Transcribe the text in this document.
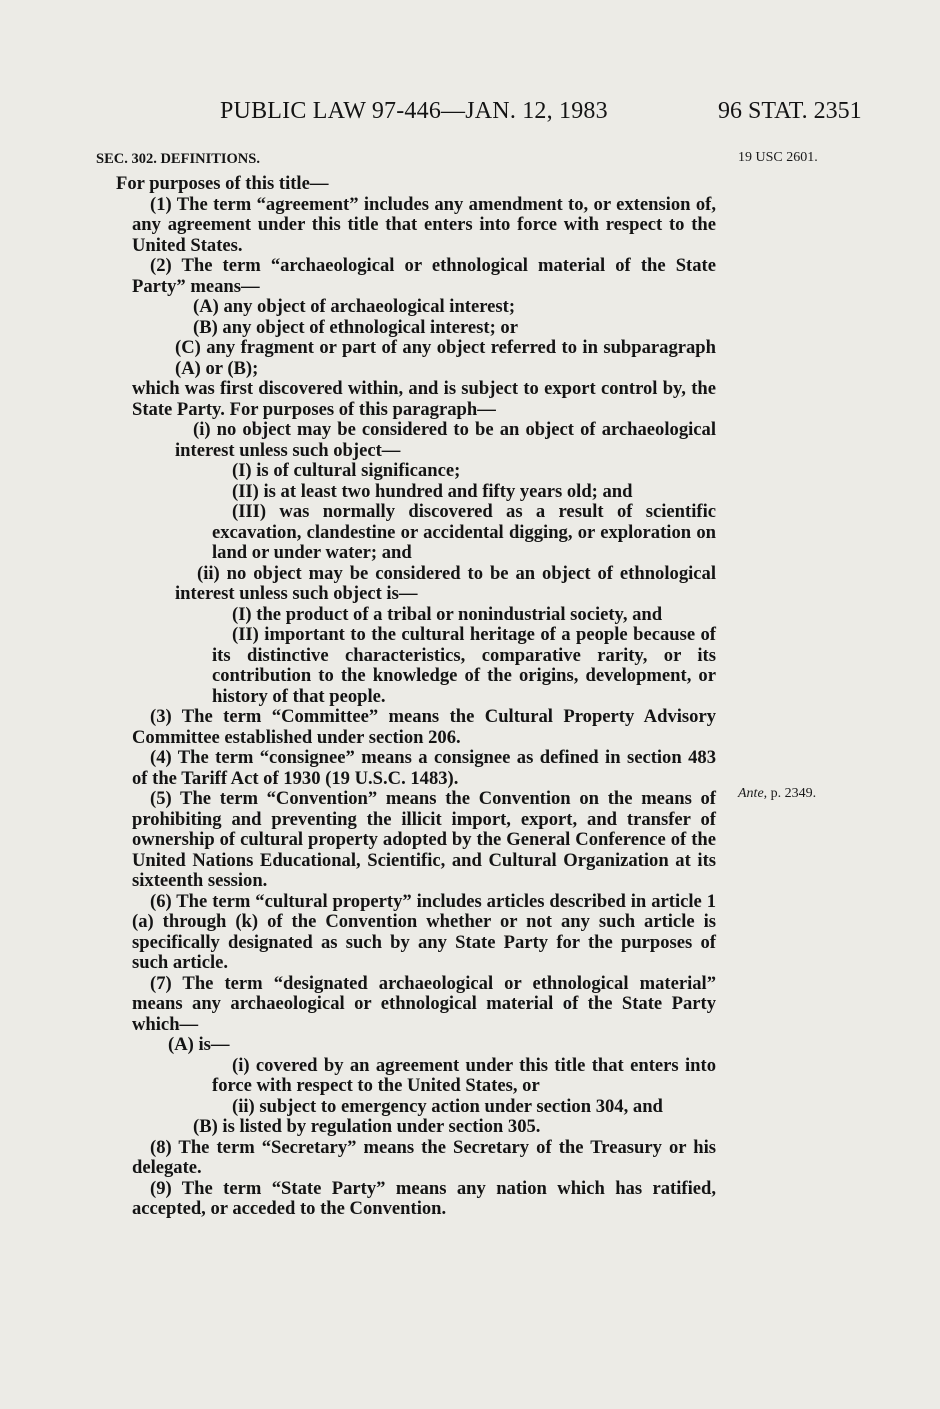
PUBLIC LAW 97-446—JAN. 12, 1983	96 STAT. 2351
19 USC 2601.
Ante, p. 2349.
SEC. 302. DEFINITIONS.

For purposes of this title—

(1) The term “agreement” includes any amendment to, or extension of, any agreement under this title that enters into force with respect to the United States.

(2) The term “archaeological or ethnological material of the State Party” means—

(A) any object of archaeological interest;

(B) any object of ethnological interest; or

(C) any fragment or part of any object referred to in subparagraph (A) or (B);

which was first discovered within, and is subject to export control by, the State Party. For purposes of this paragraph—

(i) no object may be considered to be an object of archaeological interest unless such object—

(I) is of cultural significance;

(II) is at least two hundred and fifty years old; and

(III) was normally discovered as a result of scientific excavation, clandestine or accidental digging, or exploration on land or under water; and

(ii) no object may be considered to be an object of ethnological interest unless such object is—

(I) the product of a tribal or nonindustrial society, and

(II) important to the cultural heritage of a people because of its distinctive characteristics, comparative rarity, or its contribution to the knowledge of the origins, development, or history of that people.

(3) The term “Committee” means the Cultural Property Advisory Committee established under section 206.

(4) The term “consignee” means a consignee as defined in section 483 of the Tariff Act of 1930 (19 U.S.C. 1483).

(5) The term “Convention” means the Convention on the means of prohibiting and preventing the illicit import, export, and transfer of ownership of cultural property adopted by the General Conference of the United Nations Educational, Scientific, and Cultural Organization at its sixteenth session.

(6) The term “cultural property” includes articles described in article 1 (a) through (k) of the Convention whether or not any such article is specifically designated as such by any State Party for the purposes of such article.

(7) The term “designated archaeological or ethnological material” means any archaeological or ethnological material of the State Party which—

(A) is—

(i) covered by an agreement under this title that enters into force with respect to the United States, or

(ii) subject to emergency action under section 304, and

(B) is listed by regulation under section 305.

(8) The term “Secretary” means the Secretary of the Treasury or his delegate.

(9) The term “State Party” means any nation which has ratified, accepted, or acceded to the Convention.
